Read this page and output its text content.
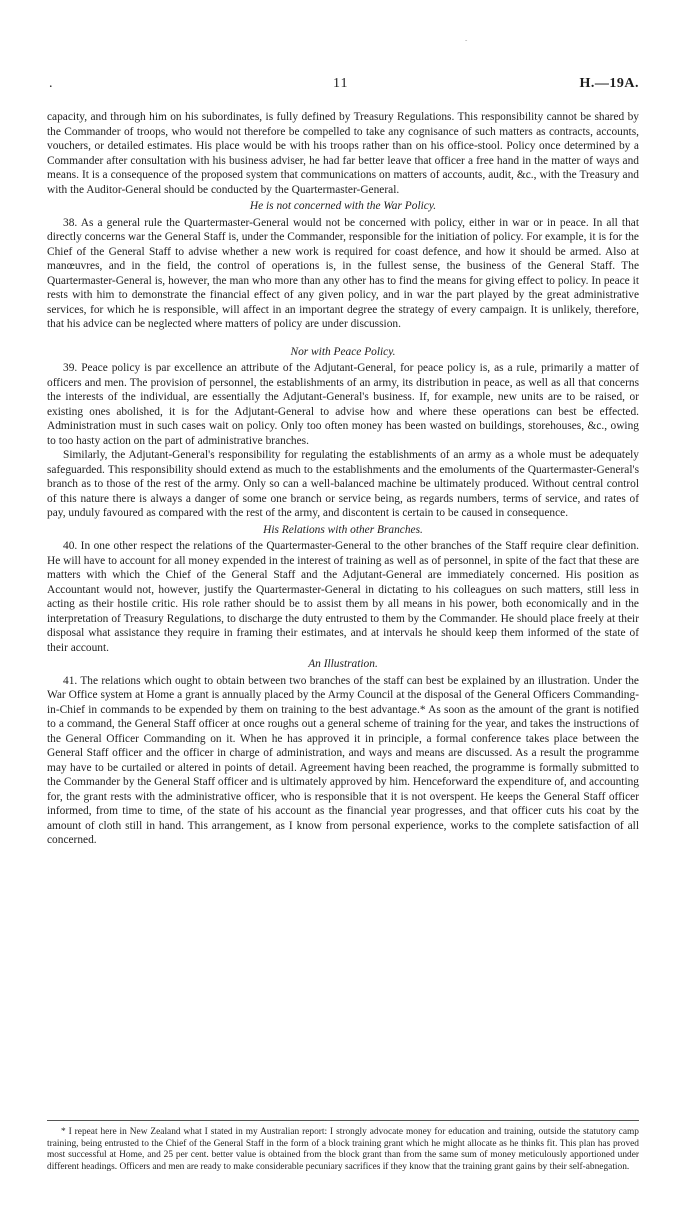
-
.	11	H.—19A.

capacity, and through him on his subordinates, is fully defined by Treasury Regulations. This responsibility cannot be shared by the Commander of troops, who would not therefore be compelled to take any cognisance of such matters as contracts, accounts, vouchers, or detailed estimates. His place would be with his troops rather than on his office-stool. Policy once determined by a Commander after consultation with his business adviser, he had far better leave that officer a free hand in the matter of ways and means. It is a consequence of the proposed system that communications on matters of accounts, audit, &c., with the Treasury and with the Auditor-General should be conducted by the Quartermaster-General.

He is not concerned with the War Policy.

38. As a general rule the Quartermaster-General would not be concerned with policy, either in war or in peace. In all that directly concerns war the General Staff is, under the Commander, responsible for the initiation of policy. For example, it is for the Chief of the General Staff to advise whether a new work is required for coast defence, and how it should be armed. Also at manœuvres, and in the field, the control of operations is, in the fullest sense, the business of the General Staff. The Quartermaster-General is, however, the man who more than any other has to find the means for giving effect to policy. In peace it rests with him to demonstrate the financial effect of any given policy, and in war the part played by the great administrative services, for which he is responsible, will affect in an important degree the strategy of every campaign. It is unlikely, therefore, that his advice can be neglected where matters of policy are under discussion.

Nor with Peace Policy.

39. Peace policy is par excellence an attribute of the Adjutant-General, for peace policy is, as a rule, primarily a matter of officers and men. The provision of personnel, the establishments of an army, its distribution in peace, as well as all that concerns the interests of the individual, are essentially the Adjutant-General's business. If, for example, new units are to be raised, or existing ones abolished, it is for the Adjutant-General to advise how and where these operations can best be effected. Administration must in such cases wait on policy. Only too often money has been wasted on buildings, storehouses, &c., owing to too hasty action on the part of administrative branches.

Similarly, the Adjutant-General's responsibility for regulating the establishments of an army as a whole must be adequately safeguarded. This responsibility should extend as much to the establishments and the emoluments of the Quartermaster-General's branch as to those of the rest of the army. Only so can a well-balanced machine be ultimately produced. Without central control of this nature there is always a danger of some one branch or service being, as regards numbers, terms of service, and rates of pay, unduly favoured as compared with the rest of the army, and discontent is certain to be caused in consequence.

His Relations with other Branches.

40. In one other respect the relations of the Quartermaster-General to the other branches of the Staff require clear definition. He will have to account for all money expended in the interest of training as well as of personnel, in spite of the fact that these are matters with which the Chief of the General Staff and the Adjutant-General are immediately concerned. His position as Accountant would not, however, justify the Quartermaster-General in dictating to his colleagues on such matters, still less in acting as their hostile critic. His role rather should be to assist them by all means in his power, both economically and in the interpretation of Treasury Regulations, to discharge the duty entrusted to them by the Commander. He should place freely at their disposal what assistance they require in framing their estimates, and at intervals he should keep them informed of the state of their account.

An Illustration.

41. The relations which ought to obtain between two branches of the staff can best be explained by an illustration. Under the War Office system at Home a grant is annually placed by the Army Council at the disposal of the General Officers Commanding-in-Chief in commands to be expended by them on training to the best advantage.* As soon as the amount of the grant is notified to a command, the General Staff officer at once roughs out a general scheme of training for the year, and takes the instructions of the General Officer Commanding on it. When he has approved it in principle, a formal conference takes place between the General Staff officer and the officer in charge of administration, and ways and means are discussed. As a result the programme may have to be curtailed or altered in points of detail. Agreement having been reached, the programme is formally submitted to the Commander by the General Staff officer and is ultimately approved by him. Henceforward the expenditure of, and accounting for, the grant rests with the administrative officer, who is responsible that it is not overspent. He keeps the General Staff officer informed, from time to time, of the state of his account as the financial year progresses, and that officer cuts his coat by the amount of cloth still in hand. This arrangement, as I know from personal experience, works to the complete satisfaction of all concerned.

* I repeat here in New Zealand what I stated in my Australian report: I strongly advocate money for education and training, outside the statutory camp training, being entrusted to the Chief of the General Staff in the form of a block training grant which he might allocate as he thinks fit. This plan has proved most successful at Home, and 25 per cent. better value is obtained from the block grant than from the same sum of money meticulously apportioned under different headings. Officers and men are ready to make considerable pecuniary sacrifices if they know that the training grant gains by their self-abnegation.
